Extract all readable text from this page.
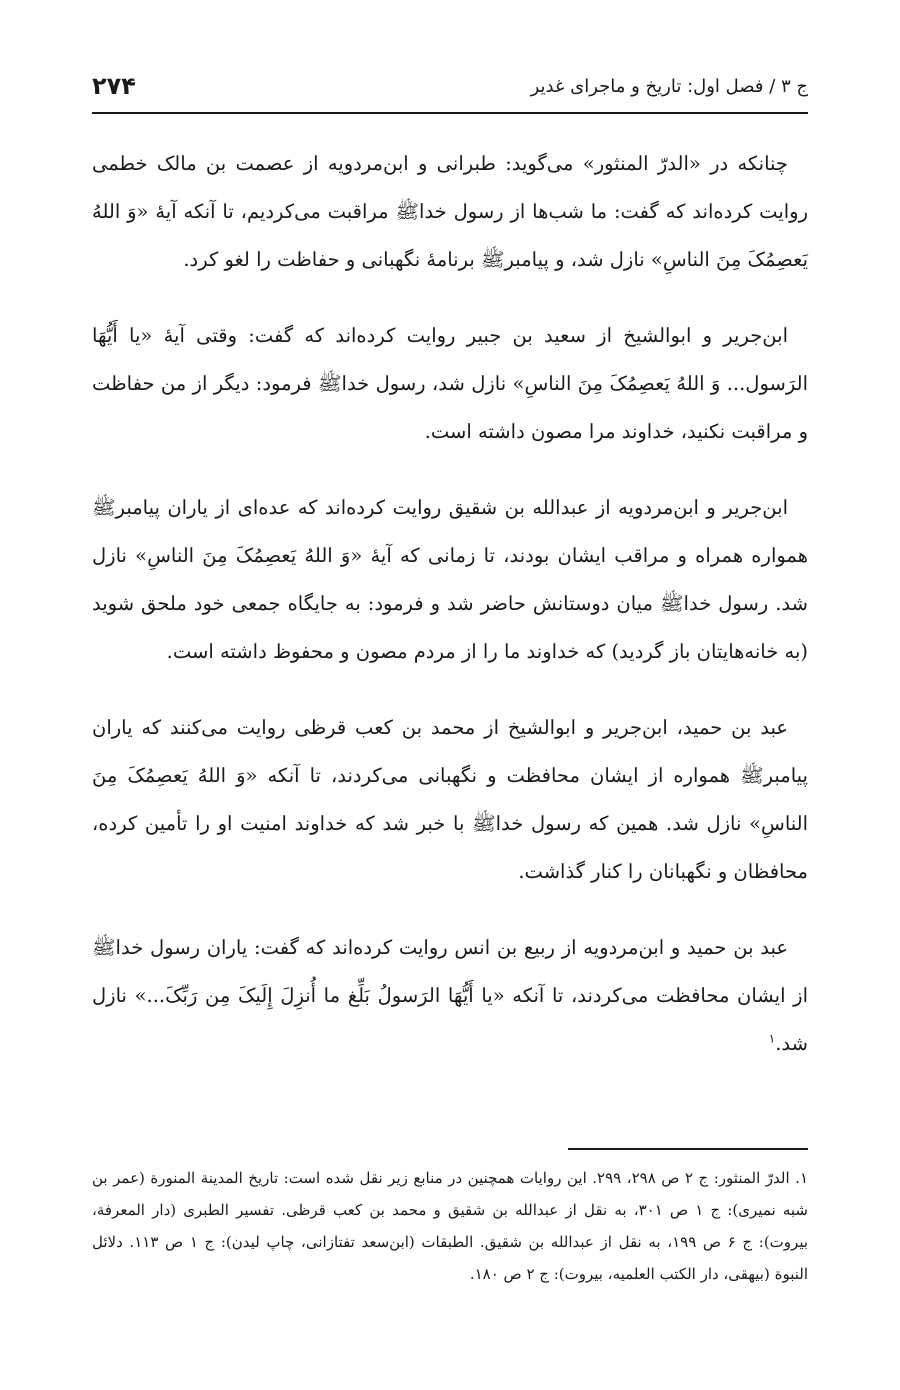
ج ۳ / فصل اول: تاریخ و ماجرای غدیر
۲۷۴

چنانکه در «الدرّ المنثور» می‌گوید: طبرانی و ابن‌مردویه از عصمت بن مالک خطمی روایت کرده‌اند که گفت: ما شب‌ها از رسول خداﷺ مراقبت می‌کردیم، تا آنکه آیهٔ «وَ اللهُ یَعصِمُکَ مِنَ الناسِ» نازل شد، و پیامبرﷺ برنامهٔ نگهبانی و حفاظت را لغو کرد.

ابن‌جریر و ابوالشیخ از سعید بن جبیر روایت کرده‌اند که گفت: وقتی آیهٔ «یا أَیُّهَا الرَسول... وَ اللهُ یَعصِمُکَ مِنَ الناسِ» نازل شد، رسول خداﷺ فرمود: دیگر از من حفاظت و مراقبت نکنید، خداوند مرا مصون داشته است.

ابن‌جریر و ابن‌مردویه از عبدالله بن شقیق روایت کرده‌اند که عده‌ای از یاران پیامبرﷺ همواره همراه و مراقب ایشان بودند، تا زمانی که آیهٔ «وَ اللهُ یَعصِمُکَ مِنَ الناسِ» نازل شد. رسول خداﷺ میان دوستانش حاضر شد و فرمود: به جایگاه جمعی خود ملحق شوید (به خانه‌هایتان باز گردید) که خداوند ما را از مردم مصون و محفوظ داشته است.

عبد بن حمید، ابن‌جریر و ابوالشیخ از محمد بن کعب قرظی روایت می‌کنند که یاران پیامبرﷺ همواره از ایشان محافظت و نگهبانی می‌کردند، تا آنکه «وَ اللهُ یَعصِمُکَ مِنَ الناسِ» نازل شد. همین که رسول خداﷺ با خبر شد که خداوند امنیت او را تأمین کرده، محافظان و نگهبانان را کنار گذاشت.

عبد بن حمید و ابن‌مردویه از ربیع بن انس روایت کرده‌اند که گفت: یاران رسول خداﷺ از ایشان محافظت می‌کردند، تا آنکه «یا أَیُّهَا الرَسولُ بَلِّغ ما أُنزِلَ إِلَیکَ مِن رَبِّکَ...» نازل شد.$^۱$

۱. الدرّ المنثور: ج ۲ ص ۲۹۸، ۲۹۹. این روایات همچنین در منابع زیر نقل شده است: تاریخ المدینة المنورة (عمر بن شبه نمیری): ج ۱ ص ۳۰۱، به نقل از عبدالله بن شقیق و محمد بن کعب قرظی. تفسیر الطبری (دار المعرفة، بیروت): ج ۶ ص ۱۹۹، به نقل از عبدالله بن شقیق. الطبقات (ابن‌سعد تفتازانی، چاپ لیدن): ج ۱ ص ۱۱۳. دلائل النبوة (بیهقی، دار الکتب العلمیه، بیروت): ج ۲ ص ۱۸۰.
